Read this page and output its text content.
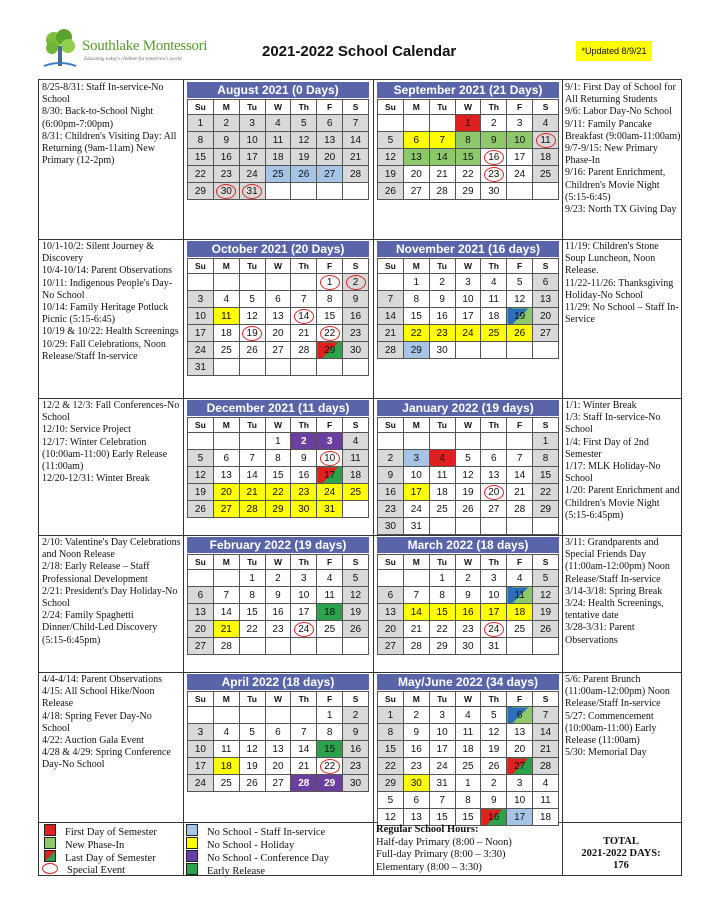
Southlake Montessori
Educating today's children for tomorrow's world	2021-2022 School Calendar	*Updated 8/9/21
8/25-8/31: Staff In-service-No School
8/30: Back-to-School Night (6:00pm-7:00pm)
8/31: Children's Visiting Day: All Returning (9am-11am) New Primary (12-2pm)
9/1: First Day of School for All Returning Students
9/6: Labor Day-No School
9/11: Family Pancake Breakfast (9:00am-11:00am)
9/7-9/15: New Primary Phase-In
9/16: Parent Enrichment, Children's Movie Night (5:15-6:45)
9/23: North TX Giving Day
10/1-10/2: Silent Journey & Discovery
10/4-10/14: Parent Observations
10/11: Indigenous People's Day-No School
10/14: Family Heritage Potluck Picnic (5:15-6:45)
10/19 & 10/22: Health Screenings
10/29: Fall Celebrations, Noon Release/Staff In-service
11/19: Children's Stone Soup Luncheon, Noon Release.
11/22-11/26: Thanksgiving Holiday-No School
11/29: No School – Staff In-Service
12/2 & 12/3: Fall Conferences-No School
12/10: Service Project
12/17: Winter Celebration (10:00am-11:00) Early Release (11:00am)
12/20-12/31: Winter Break
1/1: Winter Break
1/3: Staff In-service-No School
1/4: First Day of 2nd Semester
1/17: MLK Holiday-No School
1/20: Parent Enrichment and Children's Movie Night (5:15-6:45pm)
2/10: Valentine's Day Celebrations and Noon Release
2/18: Early Release – Staff Professional Development
2/21: President's Day Holiday-No School
2/24: Family Spaghetti Dinner/Child-Led Discovery (5:15-6:45pm)
3/11: Grandparents and Special Friends Day (11:00am-12:00pm) Noon Release/Staff In-service
3/14-3/18: Spring Break
3/24: Health Screenings, tentative date
3/28-3/31: Parent Observations
4/4-4/14: Parent Observations
4/15: All School Hike/Noon Release
4/18: Spring Fever Day-No School
4/22: Auction Gala Event
4/28 & 4/29: Spring Conference Day-No School
5/6: Parent Brunch (11:00am-12:00pm) Noon Release/Staff In-service
5/27: Commencement (10:00am-11:00) Early Release (11:00am)
5/30: Memorial Day
August 2021 (0 Days)
Su	M	Tu	W	Th	F	S
1	2	3	4	5	6	7
8	9	10	11	12	13	14
15	16	17	18	19	20	21
22	23	24	25	26	27	28
29	30	31				
September 2021 (21 Days)
Su	M	Tu	W	Th	F	S
			1	2	3	4
5	6	7	8	9	10	11
12	13	14	15	16	17	18
19	20	21	22	23	24	25
26	27	28	29	30		
October 2021 (20 Days)
Su	M	Tu	W	Th	F	S
					1	2
3	4	5	6	7	8	9
10	11	12	13	14	15	16
17	18	19	20	21	22	23
24	25	26	27	28	29	30
31						
November 2021 (16 days)
Su	M	Tu	W	Th	F	S
	1	2	3	4	5	6
7	8	9	10	11	12	13
14	15	16	17	18	19	20
21	22	23	24	25	26	27
28	29	30				
December 2021 (11 days)
Su	M	Tu	W	Th	F	S
			1	2	3	4
5	6	7	8	9	10	11
12	13	14	15	16	17	18
19	20	21	22	23	24	25
26	27	28	29	30	31	
January 2022 (19 days)
Su	M	Tu	W	Th	F	S
						1
2	3	4	5	6	7	8
9	10	11	12	13	14	15
16	17	18	19	20	21	22
23	24	25	26	27	28	29
30	31					
February 2022 (19 days)
Su	M	Tu	W	Th	F	S
		1	2	3	4	5
6	7	8	9	10	11	12
13	14	15	16	17	18	19
20	21	22	23	24	25	26
27	28					
March 2022 (18 days)
Su	M	Tu	W	Th	F	S
		1	2	3	4	5
6	7	8	9	10	11	12
13	14	15	16	17	18	19
20	21	22	23	24	25	26
27	28	29	30	31		
April 2022 (18 days)
Su	M	Tu	W	Th	F	S
					1	2
3	4	5	6	7	8	9
10	11	12	13	14	15	16
17	18	19	20	21	22	23
24	25	26	27	28	29	30
May/June 2022 (34 days)
Su	M	Tu	W	Th	F	S
1	2	3	4	5	6	7
8	9	10	11	12	13	14
15	16	17	18	19	20	21
22	23	24	25	26	27	28
29	30	31	1	2	3	4
5	6	7	8	9	10	11
12	13	15	15	16	17	18
First Day of Semester
New Phase-In
Last Day of Semester
Special Event
No School - Staff In-service
No School - Holiday
No School - Conference Day
Early Release
Regular School Hours:
Half-day Primary (8:00 – Noon)
Full-day Primary (8:00 – 3:30)
Elementary (8:00 – 3:30)
TOTAL
2021-2022 DAYS:
176
